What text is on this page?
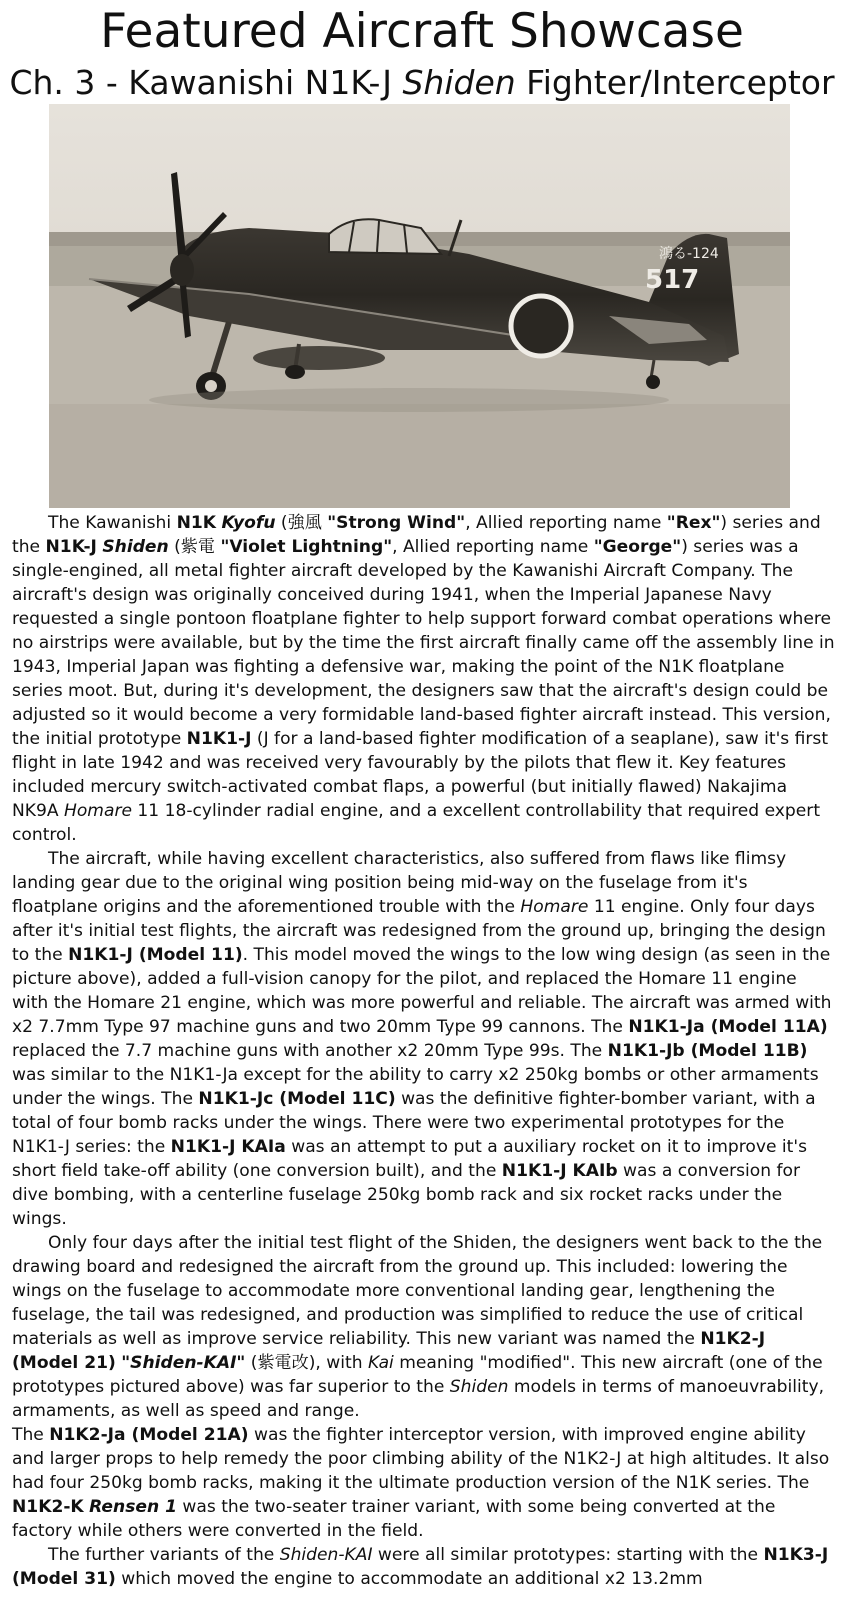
Featured Aircraft Showcase
Ch. 3 - Kawanishi N1K-J Shiden Fighter/Interceptor
鴻る-124
517

The Kawanishi N1K Kyofu (強風 "Strong Wind", Allied reporting name "Rex") series and the N1K-J Shiden (紫電 "Violet Lightning", Allied reporting name "George") series was a single-engined, all metal fighter aircraft developed by the Kawanishi Aircraft Company. The aircraft's design was originally conceived during 1941, when the Imperial Japanese Navy requested a single pontoon floatplane fighter to help support forward combat operations where no airstrips were available, but by the time the first aircraft finally came off the assembly line in 1943, Imperial Japan was fighting a defensive war, making the point of the N1K floatplane series moot. But, during it's development, the designers saw that the aircraft's design could be adjusted so it would become a very formidable land-based fighter aircraft instead. This version, the initial prototype N1K1-J (J for a land-based fighter modification of a seaplane), saw it's first flight in late 1942 and was received very favourably by the pilots that flew it. Key features included mercury switch-activated combat flaps, a powerful (but initially flawed) Nakajima NK9A Homare 11 18-cylinder radial engine, and a excellent controllability that required expert control.

The aircraft, while having excellent characteristics, also suffered from flaws like flimsy landing gear due to the original wing position being mid-way on the fuselage from it's floatplane origins and the aforementioned trouble with the Homare 11 engine. Only four days after it's initial test flights, the aircraft was redesigned from the ground up, bringing the design to the N1K1-J (Model 11). This model moved the wings to the low wing design (as seen in the picture above), added a full-vision canopy for the pilot, and replaced the Homare 11 engine with the Homare 21 engine, which was more powerful and reliable. The aircraft was armed with x2 7.7mm Type 97 machine guns and two 20mm Type 99 cannons. The N1K1-Ja (Model 11A) replaced the 7.7 machine guns with another x2 20mm Type 99s. The N1K1-Jb (Model 11B) was similar to the N1K1-Ja except for the ability to carry x2 250kg bombs or other armaments under the wings. The N1K1-Jc (Model 11C) was the definitive fighter-bomber variant, with a total of four bomb racks under the wings. There were two experimental prototypes for the N1K1-J series: the N1K1-J KAIa was an attempt to put a auxiliary rocket on it to improve it's short field take-off ability (one conversion built), and the N1K1-J KAIb was a conversion for dive bombing, with a centerline fuselage 250kg bomb rack and six rocket racks under the wings.

Only four days after the initial test flight of the Shiden, the designers went back to the the drawing board and redesigned the aircraft from the ground up. This included: lowering the wings on the fuselage to accommodate more conventional landing gear, lengthening the fuselage, the tail was redesigned, and production was simplified to reduce the use of critical materials as well as improve service reliability. This new variant was named the N1K2-J (Model 21) "Shiden-KAI" (紫電改), with Kai meaning "modified". This new aircraft (one of the prototypes pictured above) was far superior to the Shiden models in terms of manoeuvrability, armaments, as well as speed and range.

The N1K2-Ja (Model 21A) was the fighter interceptor version, with improved engine ability and larger props to help remedy the poor climbing ability of the N1K2-J at high altitudes. It also had four 250kg bomb racks, making it the ultimate production version of the N1K series. The N1K2-K Rensen 1 was the two-seater trainer variant, with some being converted at the factory while others were converted in the field.

The further variants of the Shiden-KAI were all similar prototypes: starting with the N1K3-J (Model 31) which moved the engine to accommodate an additional x2 13.2mm
